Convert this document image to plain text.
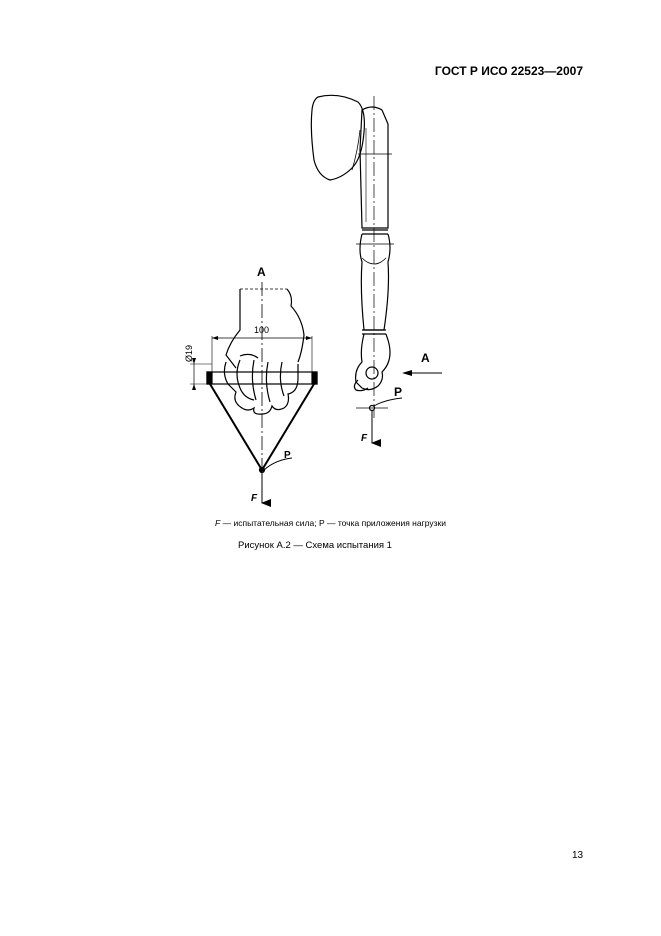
ГОСТ Р ИСО 22523—2007
А
100
Ø19
Р
F
А
Р
F
F — испытательная сила; Р — точка приложения нагрузки
Рисунок А.2 — Схема испытания 1
13
